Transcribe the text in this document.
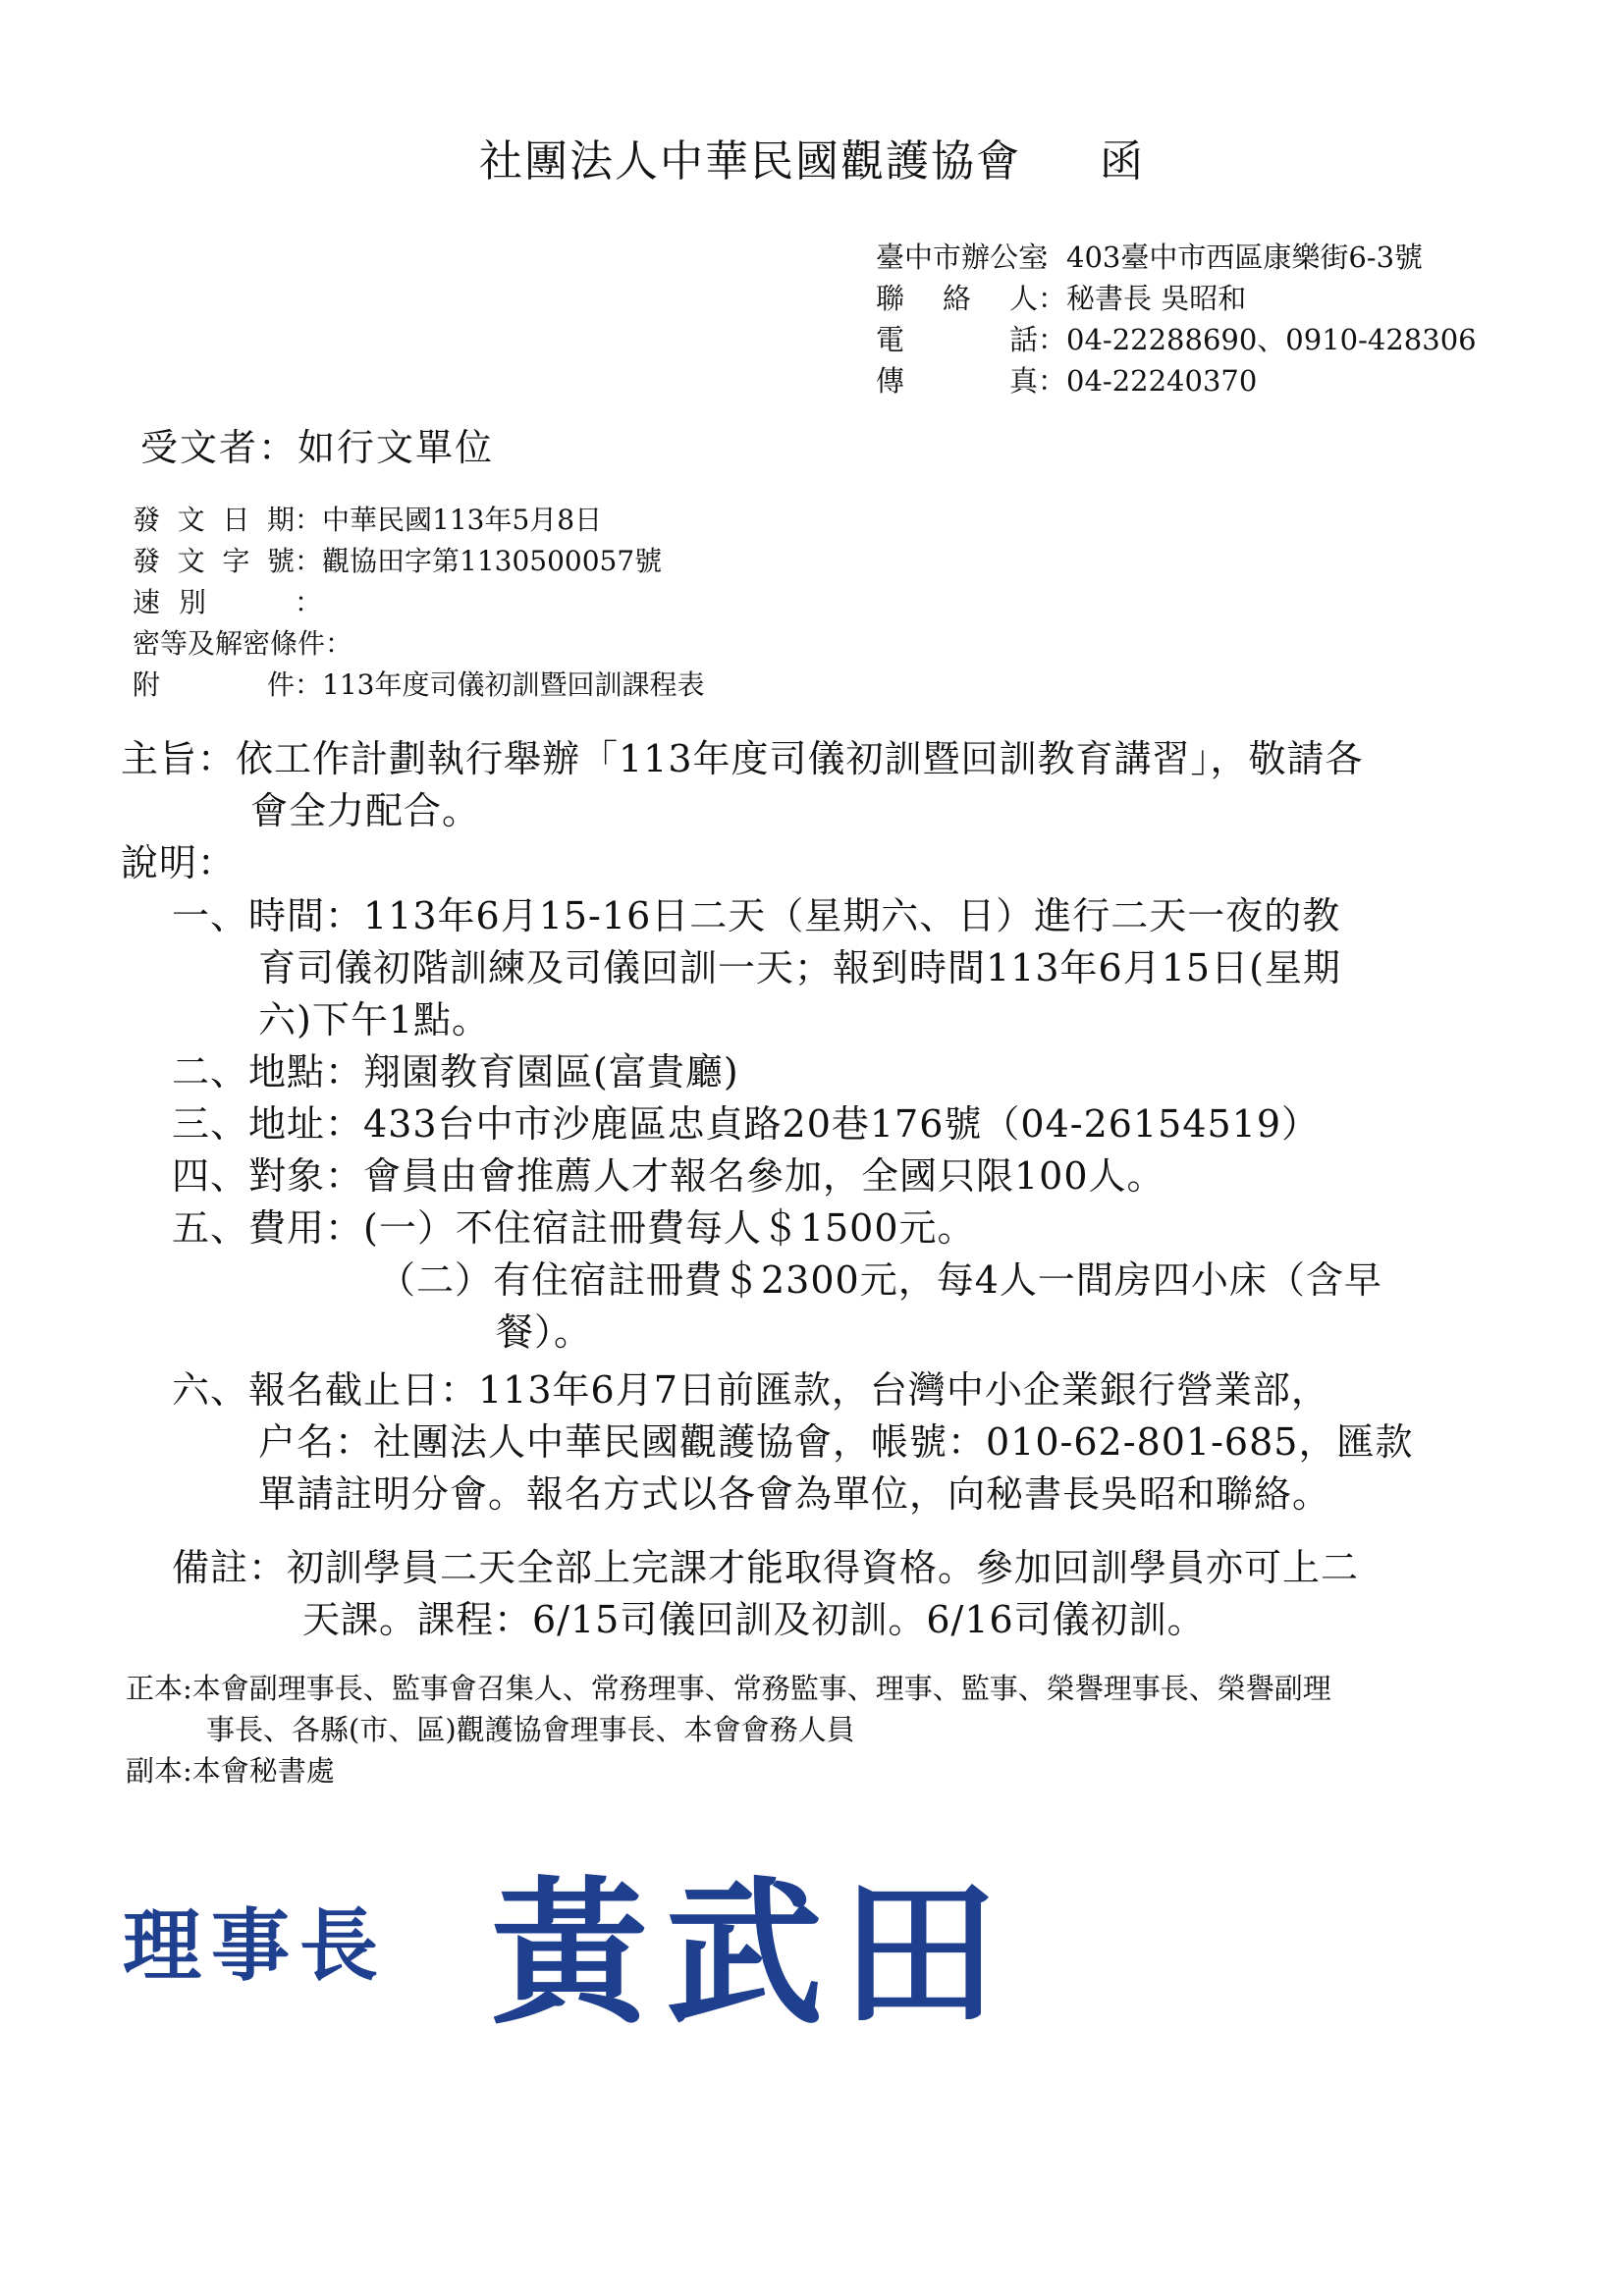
社團法人中華民國觀護協會 函
臺中市辦公室：403臺中市西區康樂街6-3號
聯絡人：秘書長 吳昭和
電話：04-22288690、0910-428306
傳真：04-22240370
受文者：如行文單位
發文日期：中華民國113年5月8日
發文字號：觀協田字第1130500057號
速別	：
密等及解密條件：
附件：113年度司儀初訓暨回訓課程表
主旨：依工作計劃執行舉辦「113年度司儀初訓暨回訓教育講習」，敬請各
會全力配合。
說明：
一、時間：113年6月15-16日二天（星期六、日）進行二天一夜的教
育司儀初階訓練及司儀回訓一天；報到時間113年6月15日(星期
六)下午1點。
二、地點：翔園教育園區(富貴廳)
三、地址：433台中市沙鹿區忠貞路20巷176號（04-26154519）
四、對象：會員由會推薦人才報名參加，全國只限100人。
五、費用：(一）不住宿註冊費每人＄1500元。
（二）有住宿註冊費＄2300元，每4人一間房四小床（含早
餐）。
六、報名截止日：113年6月7日前匯款，台灣中小企業銀行營業部，
户名：社團法人中華民國觀護協會，帳號：010-62-801-685，匯款
單請註明分會。報名方式以各會為單位，向秘書長吳昭和聯絡。
備註：初訓學員二天全部上完課才能取得資格。參加回訓學員亦可上二
天課。課程：6/15司儀回訓及初訓。6/16司儀初訓。
正本:本會副理事長、監事會召集人、常務理事、常務監事、理事、監事、榮譽理事長、榮譽副理
事長、各縣(市、區)觀護協會理事長、本會會務人員
副本:本會秘書處
理事長 黃武田
